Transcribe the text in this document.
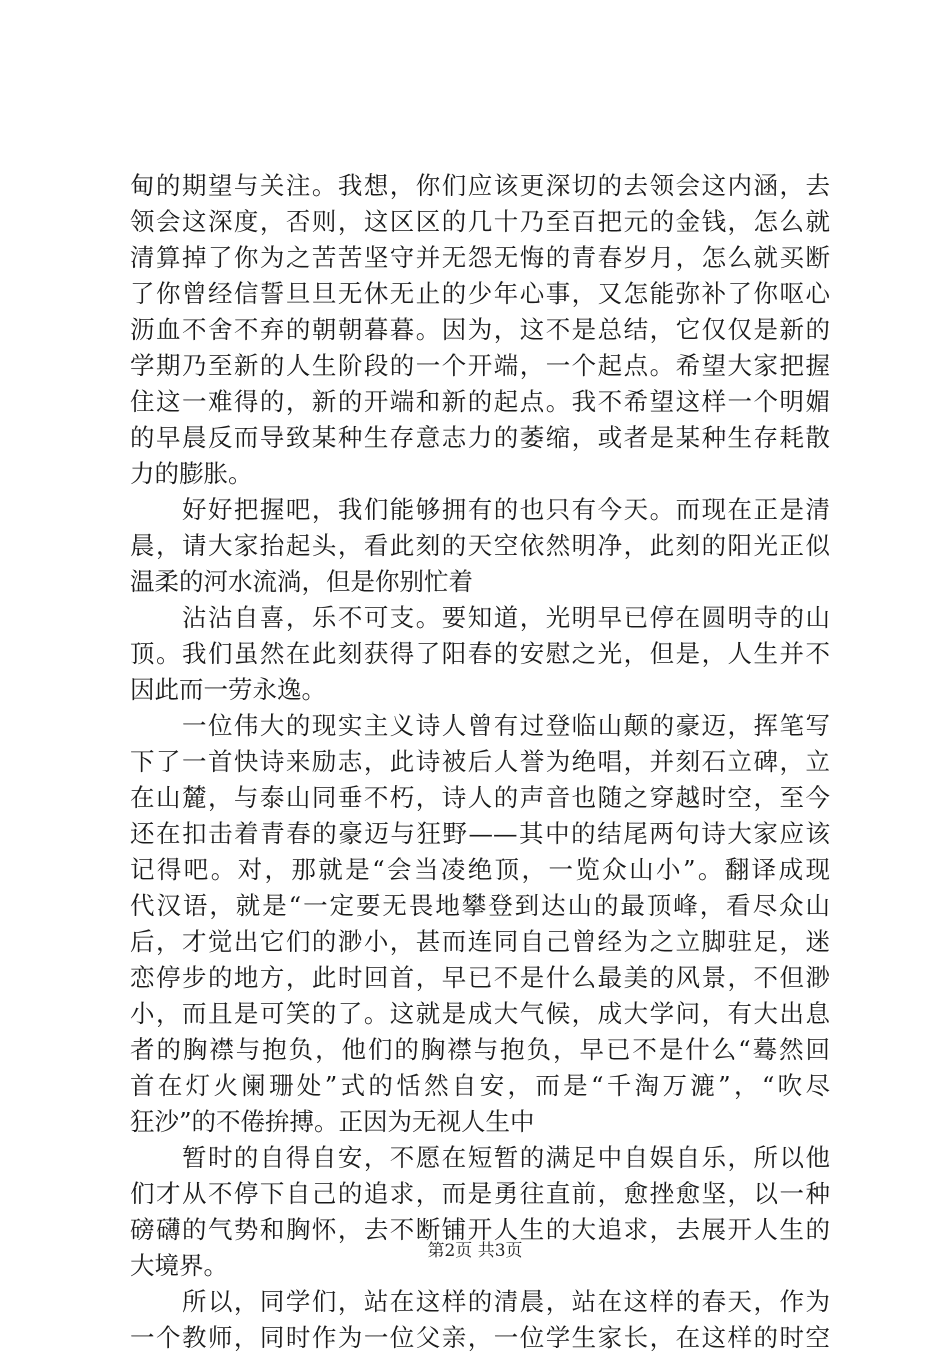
甸的期望与关注。我想，你们应该更深切的去领会这内涵，去
领会这深度，否则，这区区的几十乃至百把元的金钱，怎么就
清算掉了你为之苦苦坚守并无怨无悔的青春岁月，怎么就买断
了你曾经信誓旦旦无休无止的少年心事，又怎能弥补了你呕心
沥血不舍不弃的朝朝暮暮。因为，这不是总结，它仅仅是新的
学期乃至新的人生阶段的一个开端，一个起点。希望大家把握
住这一难得的，新的开端和新的起点。我不希望这样一个明媚
的早晨反而导致某种生存意志力的萎缩，或者是某种生存耗散
力的膨胀。
　　好好把握吧，我们能够拥有的也只有今天。而现在正是清
晨，请大家抬起头，看此刻的天空依然明净，此刻的阳光正似
温柔的河水流淌，但是你别忙着
　　沾沾自喜，乐不可支。要知道，光明早已停在圆明寺的山
顶。我们虽然在此刻获得了阳春的安慰之光，但是，人生并不
因此而一劳永逸。
　　一位伟大的现实主义诗人曾有过登临山颠的豪迈，挥笔写
下了一首快诗来励志，此诗被后人誉为绝唱，并刻石立碑，立
在山麓，与泰山同垂不朽，诗人的声音也随之穿越时空，至今
还在扣击着青春的豪迈与狂野——其中的结尾两句诗大家应该
记得吧。对，那就是“会当凌绝顶，一览众山小”。翻译成现
代汉语，就是“一定要无畏地攀登到达山的最顶峰，看尽众山
后，才觉出它们的渺小，甚而连同自己曾经为之立脚驻足，迷
恋停步的地方，此时回首，早已不是什么最美的风景，不但渺
小，而且是可笑的了。这就是成大气候，成大学问，有大出息
者的胸襟与抱负，他们的胸襟与抱负，早已不是什么“蓦然回
首在灯火阑珊处”式的恬然自安，而是“千淘万漉”，“吹尽
狂沙”的不倦拚搏。正因为无视人生中
　　暂时的自得自安，不愿在短暂的满足中自娱自乐，所以他
们才从不停下自己的追求，而是勇往直前，愈挫愈坚，以一种
磅礴的气势和胸怀，去不断铺开人生的大追求，去展开人生的
大境界。
　　所以，同学们，站在这样的清晨，站在这样的春天，作为
一个教师，同时作为一位父亲，一位学生家长，在这样的时空
第2页 共3页
